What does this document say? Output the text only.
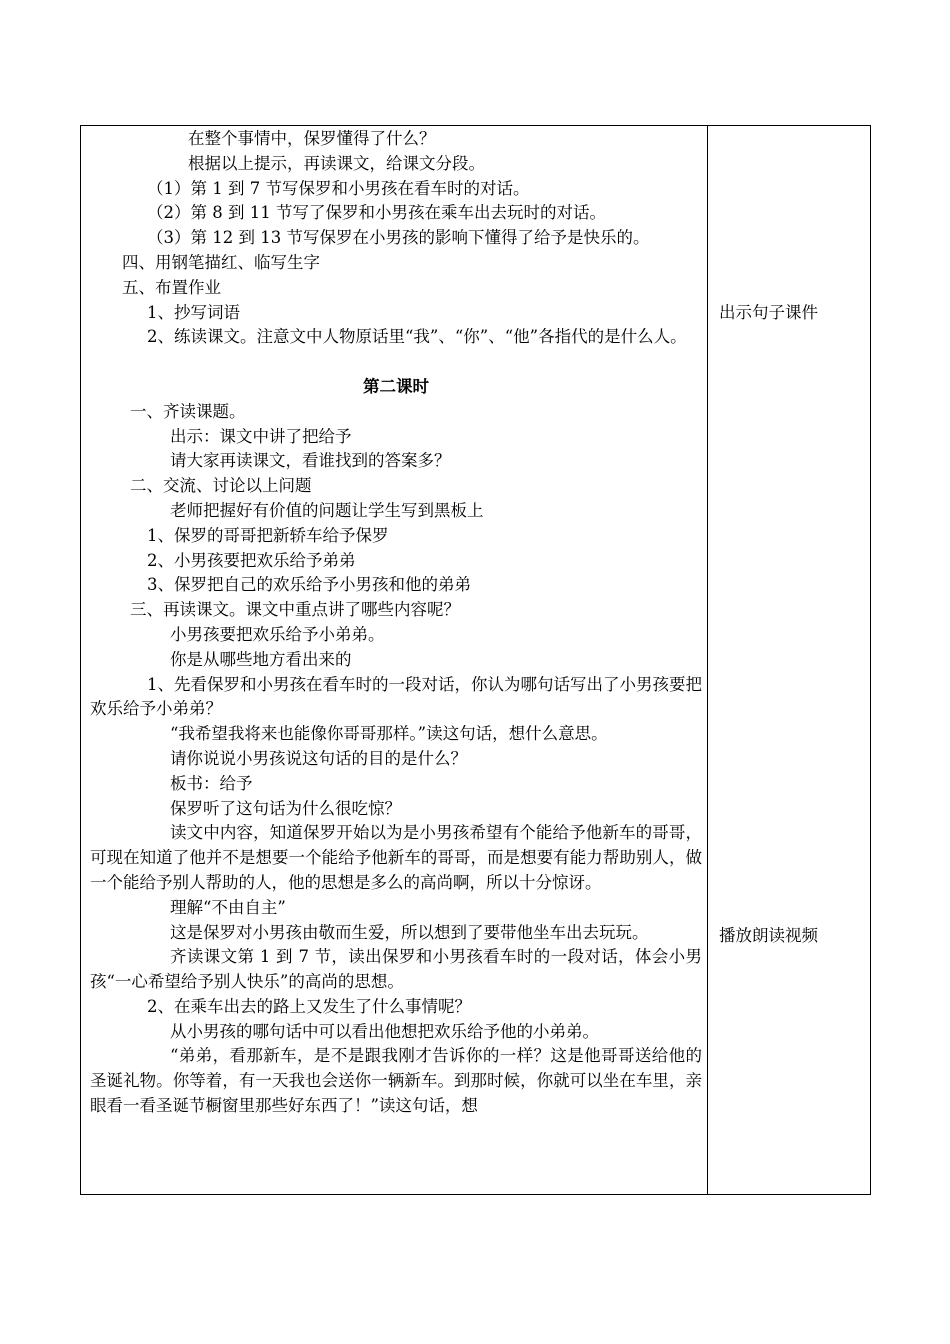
在整个事情中，保罗懂得了什么？
根据以上提示，再读课文，给课文分段。
（1）第 1 到 7 节写保罗和小男孩在看车时的对话。
（2）第 8 到 11 节写了保罗和小男孩在乘车出去玩时的对话。
（3）第 12 到 13 节写保罗在小男孩的影响下懂得了给予是快乐的。
四、用钢笔描红、临写生字
五、布置作业
1、抄写词语
2、练读课文。注意文中人物原话里“我”、“你”、“他”各指代的是什么人。
第二课时
一、齐读课题。
出示：课文中讲了把给予
请大家再读课文，看谁找到的答案多？
二、交流、讨论以上问题
老师把握好有价值的问题让学生写到黑板上
1、保罗的哥哥把新轿车给予保罗
2、小男孩要把欢乐给予弟弟
3、保罗把自己的欢乐给予小男孩和他的弟弟
三、再读课文。课文中重点讲了哪些内容呢？
小男孩要把欢乐给予小弟弟。
你是从哪些地方看出来的
1、先看保罗和小男孩在看车时的一段对话，你认为哪句话写出了小男孩要把欢乐给予小弟弟？
“我希望我将来也能像你哥哥那样。”读这句话，想什么意思。
请你说说小男孩说这句话的目的是什么？
板书：给予
保罗听了这句话为什么很吃惊？
读文中内容，知道保罗开始以为是小男孩希望有个能给予他新车的哥哥，可现在知道了他并不是想要一个能给予他新车的哥哥，而是想要有能力帮助别人，做一个能给予别人帮助的人，他的思想是多么的高尚啊，所以十分惊讶。
理解“不由自主”
这是保罗对小男孩由敬而生爱，所以想到了要带他坐车出去玩玩。
齐读课文第 1 到 7 节，读出保罗和小男孩看车时的一段对话，体会小男孩“一心希望给予别人快乐”的高尚的思想。
2、在乘车出去的路上又发生了什么事情呢？
从小男孩的哪句话中可以看出他想把欢乐给予他的小弟弟。
“弟弟，看那新车，是不是跟我刚才告诉你的一样？这是他哥哥送给他的圣诞礼物。你等着，有一天我也会送你一辆新车。到那时候，你就可以坐在车里，亲眼看一看圣诞节橱窗里那些好东西了！”读这句话，想
出示句子课件
播放朗读视频
